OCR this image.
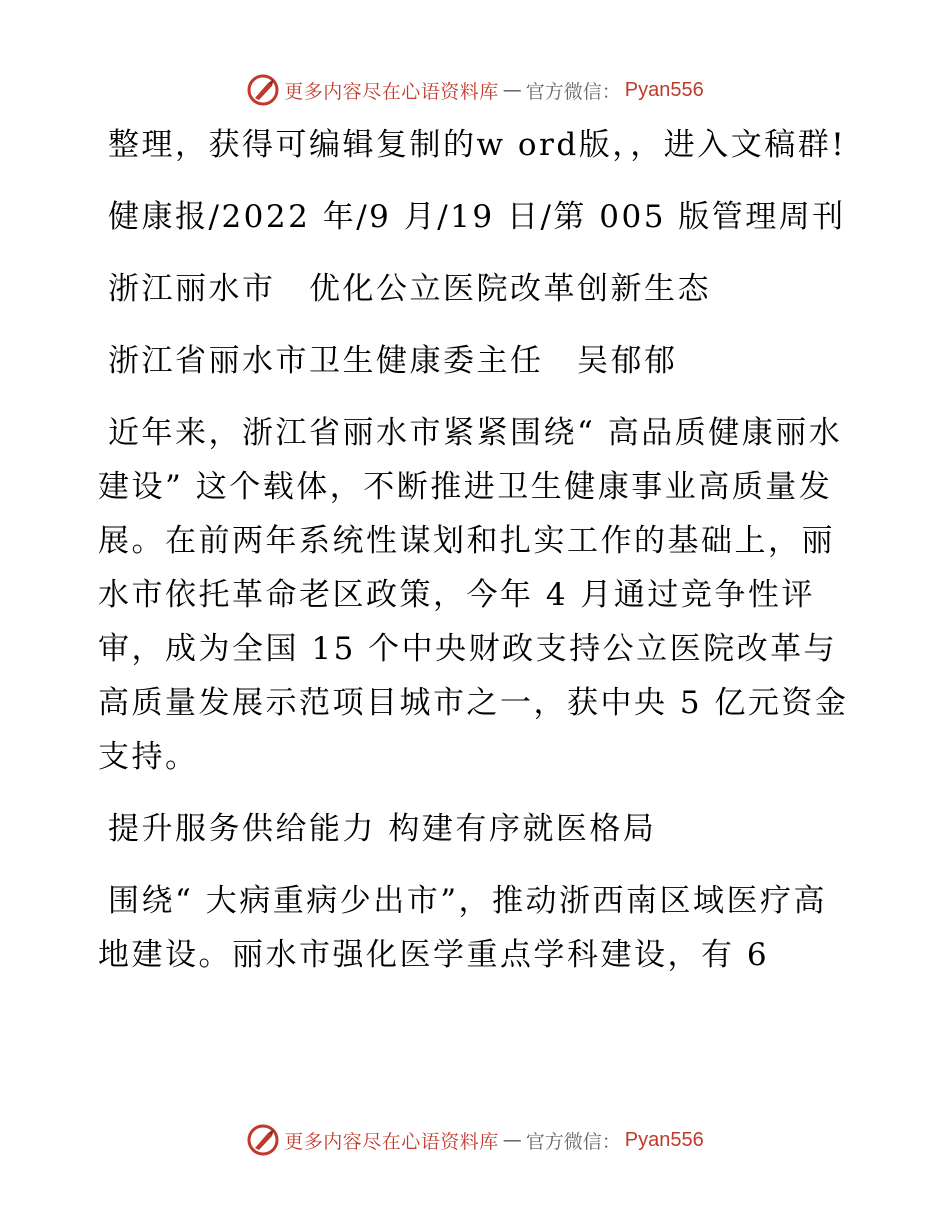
更多内容尽在心语资料库 — 官方微信： Pyan556

整理，获得可编辑复制的w ord版，，进入文稿群!

健康报/2022 年/9 月/19 日/第 005 版管理周刊

浙江丽水市　优化公立医院改革创新生态

浙江省丽水市卫生健康委主任　吴郁郁

近年来，浙江省丽水市紧紧围绕“ 高品质健康丽水建设” 这个载体，不断推进卫生健康事业高质量发展。在前两年系统性谋划和扎实工作的基础上，丽水市依托革命老区政策，今年 4 月通过竞争性评审，成为全国 15 个中央财政支持公立医院改革与高质量发展示范项目城市之一，获中央 5 亿元资金支持。

提升服务供给能力 构建有序就医格局

围绕“ 大病重病少出市”，推动浙西南区域医疗高地建设。丽水市强化医学重点学科建设，有 6

更多内容尽在心语资料库 — 官方微信： Pyan556
